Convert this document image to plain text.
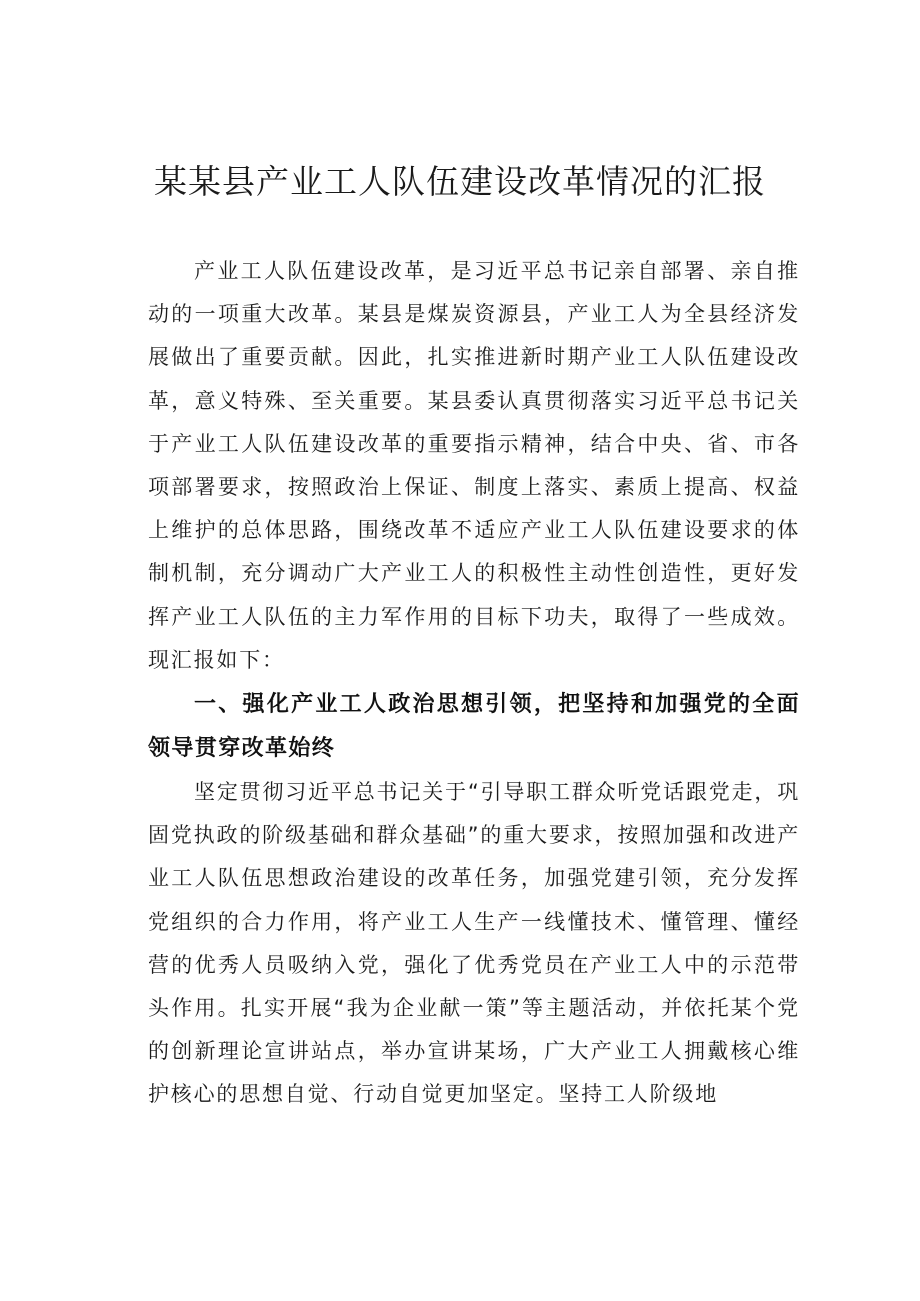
某某县产业工人队伍建设改革情况的汇报

产业工人队伍建设改革，是习近平总书记亲自部署、亲自推动的一项重大改革。某县是煤炭资源县，产业工人为全县经济发展做出了重要贡献。因此，扎实推进新时期产业工人队伍建设改革，意义特殊、至关重要。某县委认真贯彻落实习近平总书记关于产业工人队伍建设改革的重要指示精神，结合中央、省、市各项部署要求，按照政治上保证、制度上落实、素质上提高、权益上维护的总体思路，围绕改革不适应产业工人队伍建设要求的体制机制，充分调动广大产业工人的积极性主动性创造性，更好发挥产业工人队伍的主力军作用的目标下功夫，取得了一些成效。现汇报如下：

一、强化产业工人政治思想引领，把坚持和加强党的全面领导贯穿改革始终

坚定贯彻习近平总书记关于“引导职工群众听党话跟党走，巩固党执政的阶级基础和群众基础”的重大要求，按照加强和改进产业工人队伍思想政治建设的改革任务，加强党建引领，充分发挥党组织的合力作用，将产业工人生产一线懂技术、懂管理、懂经营的优秀人员吸纳入党，强化了优秀党员在产业工人中的示范带头作用。扎实开展“我为企业献一策”等主题活动，并依托某个党的创新理论宣讲站点，举办宣讲某场，广大产业工人拥戴核心维护核心的思想自觉、行动自觉更加坚定。坚持工人阶级地
